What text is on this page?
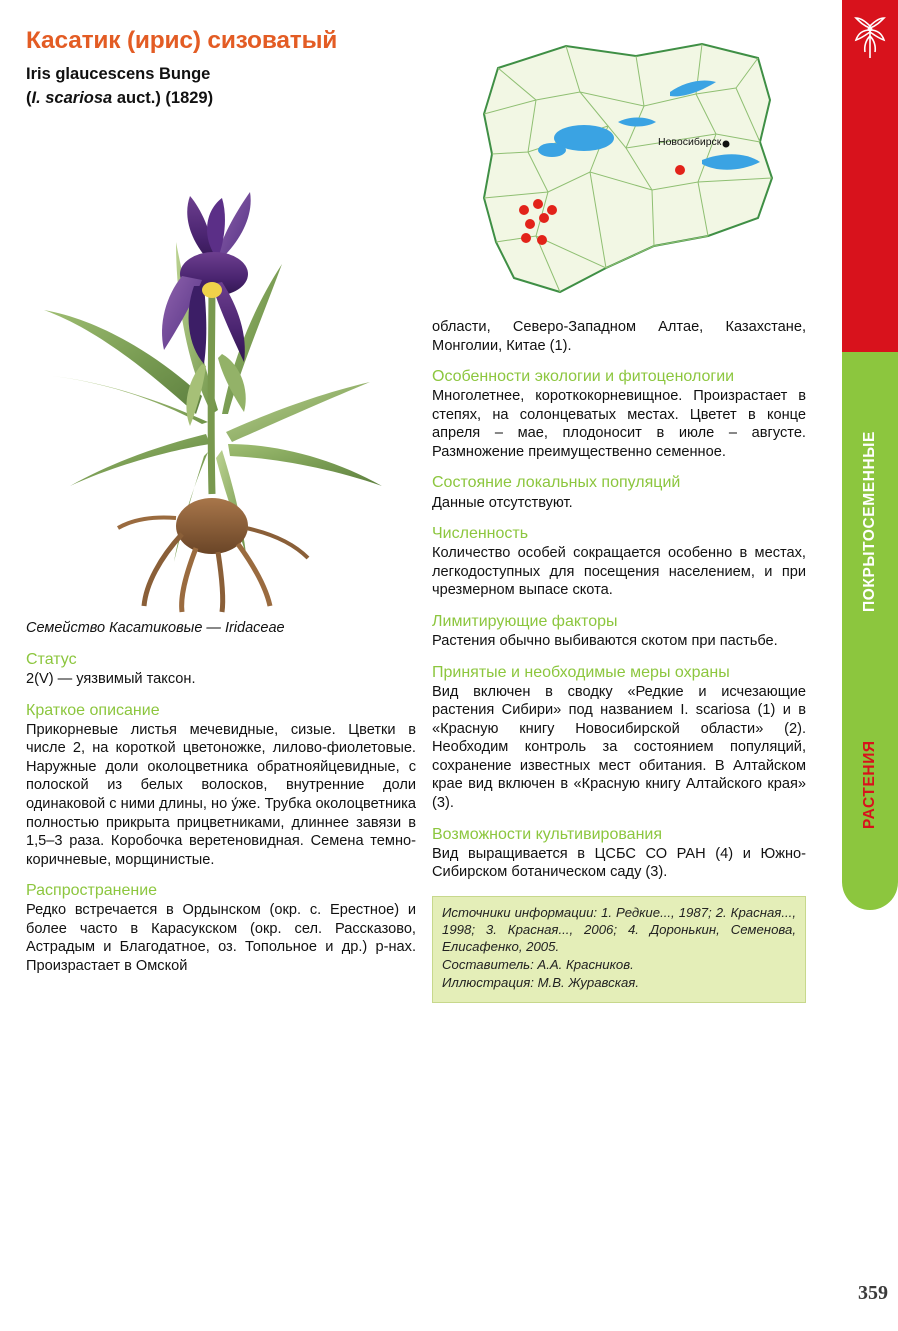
Касатик (ирис) сизоватый
Iris glaucescens Bunge
(I. scariosa auct.) (1829)
Семейство Касатиковые — Iridaceae
Статус

2(V) — уязвимый таксон.

Краткое описание

Прикорневые листья мечевидные, сизые. Цветки в числе 2, на короткой цветоножке, лилово-фиолетовые. Наружные доли околоцветника обратнояйцевидные, с полоской из белых волосков, внутренние доли одинаковой с ними длины, но у́же. Трубка околоцветника полностью прикрыта прицветниками, длиннее завязи в 1,5–3 раза. Коробочка веретеновидная. Семена темно-коричневые, морщинистые.

Распространение

Редко встречается в Ордынском (окр. с. Ерестное) и более часто в Карасукском (окр. сел. Рассказово, Астрадым и Благодатное, оз. Топольное и др.) р-нах. Произрастает в Омской

Новосибирск

области, Северо-Западном Алтае, Казахстане, Монголии, Китае (1).

Особенности экологии и фитоценологии

Многолетнее, короткокорневищное. Произрастает в степях, на солонцеватых местах. Цветет в конце апреля – мае, плодоносит в июле – августе. Размножение преимущественно семенное.

Состояние локальных популяций

Данные отсутствуют.

Численность

Количество особей сокращается особенно в местах, легкодоступных для посещения населением, и при чрезмерном выпасе скота.

Лимитирующие факторы

Растения обычно выбиваются скотом при пастьбе.

Принятые и необходимые меры охраны

Вид включен в сводку «Редкие и исчезающие растения Сибири» под названием I. scariosa (1) и в «Красную книгу Новосибирской области» (2). Необходим контроль за состоянием популяций, сохранение известных мест обитания. В Алтайском крае вид включен в «Красную книгу Алтайского края» (3).

Возможности культивирования

Вид выращивается в ЦСБС СО РАН (4) и Южно-Сибирском ботаническом саду (3).

Источники информации: 1. Редкие..., 1987; 2. Красная..., 1998; 3. Красная..., 2006; 4. Доронькин, Семенова, Елисафенко, 2005.

Составитель: А.А. Красников.

Иллюстрация: М.В. Журавская.

ПОКРЫТОСЕМЕННЫЕ
РАСТЕНИЯ
359
